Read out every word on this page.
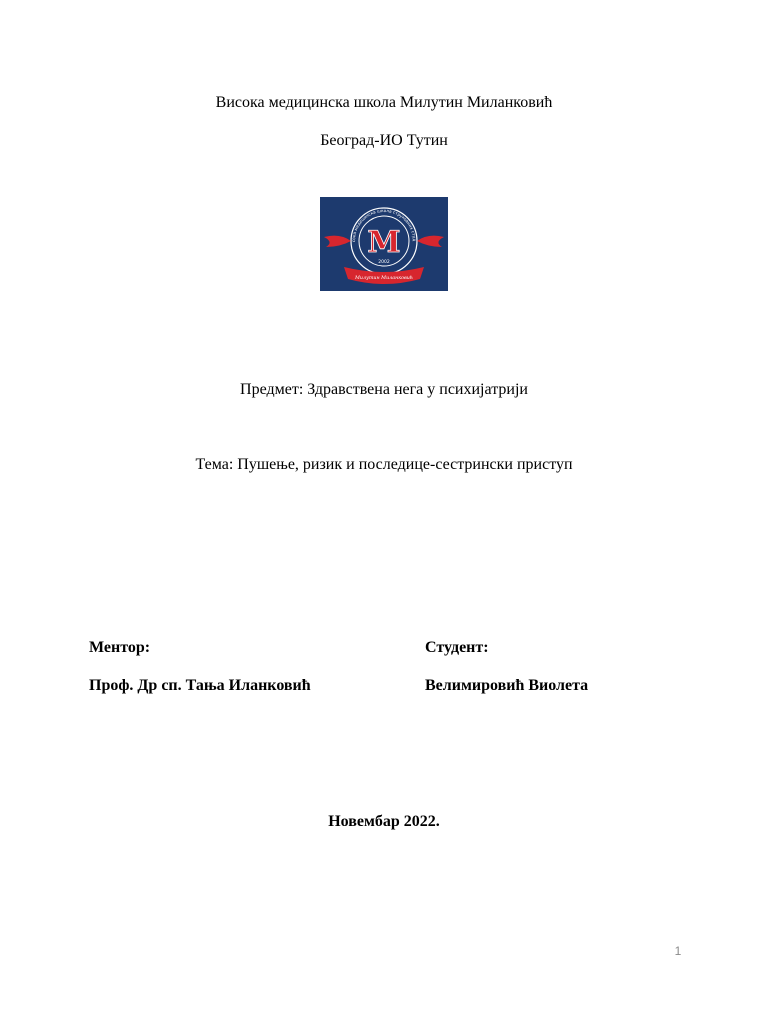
Висока медицинска школа Милутин Миланковић
Београд-ИО Тутин
сока медицинска школа струковних студ
M
2002
Милутин Миланковић
Предмет: Здравствена нега у психијатрији
Тема: Пушење, ризик и последице-сестрински приступ
Ментор:	Студент:
Проф. Др сп. Тања Иланковић	Велимировић Виолета
Новембар 2022.
1
